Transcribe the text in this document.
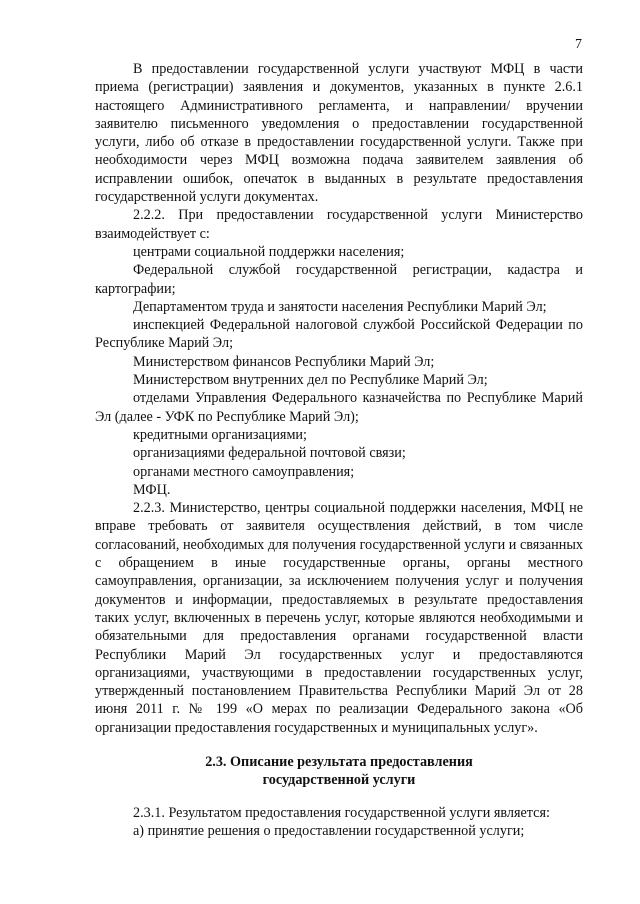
7

В предоставлении государственной услуги участвуют МФЦ в части приема (регистрации) заявления и документов, указанных в пункте 2.6.1 настоящего Административного регламента, и направлении/ вручении заявителю письменного уведомления о предоставлении государственной услуги, либо об отказе в предоставлении государственной услуги. Также при необходимости через МФЦ возможна подача заявителем заявления об исправлении ошибок, опечаток в выданных в результате предоставления государственной услуги документах.

2.2.2. При предоставлении государственной услуги Министерство взаимодействует с:

центрами социальной поддержки населения;

Федеральной службой государственной регистрации, кадастра и картографии;

Департаментом труда и занятости населения Республики Марий Эл;

инспекцией Федеральной налоговой службой Российской Федерации по Республике Марий Эл;

Министерством финансов Республики Марий Эл;

Министерством внутренних дел по Республике Марий Эл;

отделами Управления Федерального казначейства по Республике Марий Эл (далее - УФК по Республике Марий Эл);

кредитными организациями;

организациями федеральной почтовой связи;

органами местного самоуправления;

МФЦ.

2.2.3. Министерство, центры социальной поддержки населения, МФЦ не вправе требовать от заявителя осуществления действий, в том числе согласований, необходимых для получения государственной услуги и связанных с обращением в иные государственные органы, органы местного самоуправления, организации, за исключением получения услуг и получения документов и информации, предоставляемых в результате предоставления таких услуг, включенных в перечень услуг, которые являются необходимыми и обязательными для предоставления органами государственной власти Республики Марий Эл государственных услуг и предоставляются организациями, участвующими в предоставлении государственных услуг, утвержденный постановлением Правительства Республики Марий Эл от 28 июня 2011 г. № 199 «О мерах по реализации Федерального закона «Об организации предоставления государственных и муниципальных услуг».

2.3. Описание результата предоставления
государственной услуги

2.3.1. Результатом предоставления государственной услуги является:

а) принятие решения о предоставлении государственной услуги;
